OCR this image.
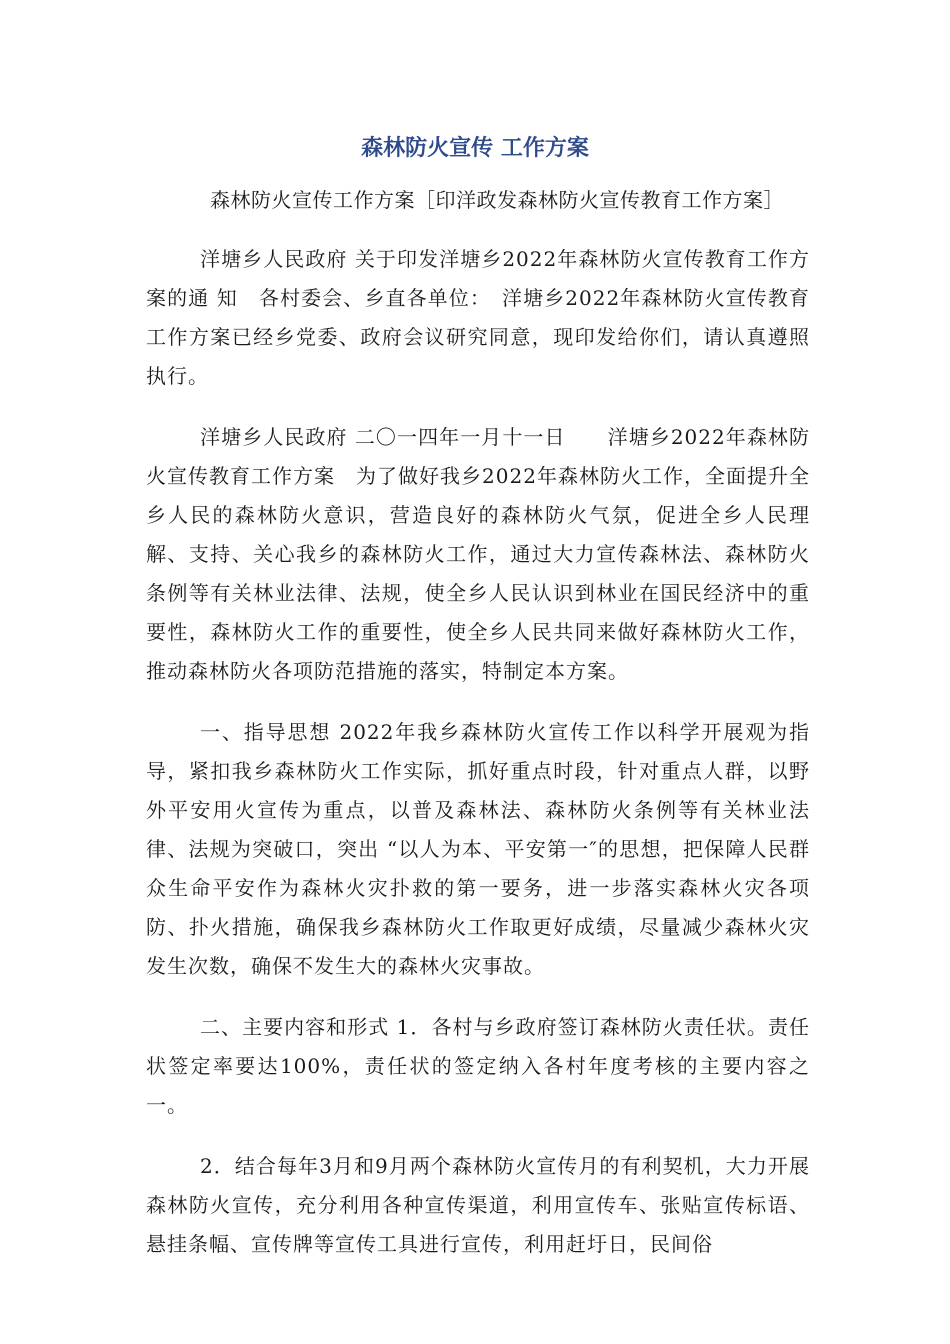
森林防火宣传 工作方案

森林防火宣传工作方案［印洋政发森林防火宣传教育工作方案］

洋塘乡人民政府 关于印发洋塘乡2022年森林防火宣传教育工作方案的通 知　各村委会、乡直各单位：　洋塘乡2022年森林防火宣传教育工作方案已经乡党委、政府会议研究同意，现印发给你们，请认真遵照执行。

洋塘乡人民政府 二〇一四年一月十一日　　洋塘乡2022年森林防火宣传教育工作方案　为了做好我乡2022年森林防火工作，全面提升全乡人民的森林防火意识，营造良好的森林防火气氛，促进全乡人民理解、支持、关心我乡的森林防火工作，通过大力宣传森林法、森林防火条例等有关林业法律、法规，使全乡人民认识到林业在国民经济中的重要性，森林防火工作的重要性，使全乡人民共同来做好森林防火工作，推动森林防火各项防范措施的落实，特制定本方案。

一、指导思想 2022年我乡森林防火宣传工作以科学开展观为指导，紧扣我乡森林防火工作实际，抓好重点时段，针对重点人群，以野外平安用火宣传为重点，以普及森林法、森林防火条例等有关林业法律、法规为突破口，突出 “以人为本、平安第一″的思想，把保障人民群众生命平安作为森林火灾扑救的第一要务，进一步落实森林火灾各项防、扑火措施，确保我乡森林防火工作取更好成绩，尽量减少森林火灾发生次数，确保不发生大的森林火灾事故。

二、主要内容和形式 1．各村与乡政府签订森林防火责任状。责任状签定率要达100%，责任状的签定纳入各村年度考核的主要内容之一。

2．结合每年3月和9月两个森林防火宣传月的有利契机，大力开展森林防火宣传，充分利用各种宣传渠道，利用宣传车、张贴宣传标语、悬挂条幅、宣传牌等宣传工具进行宣传，利用赶圩日，民间俗
